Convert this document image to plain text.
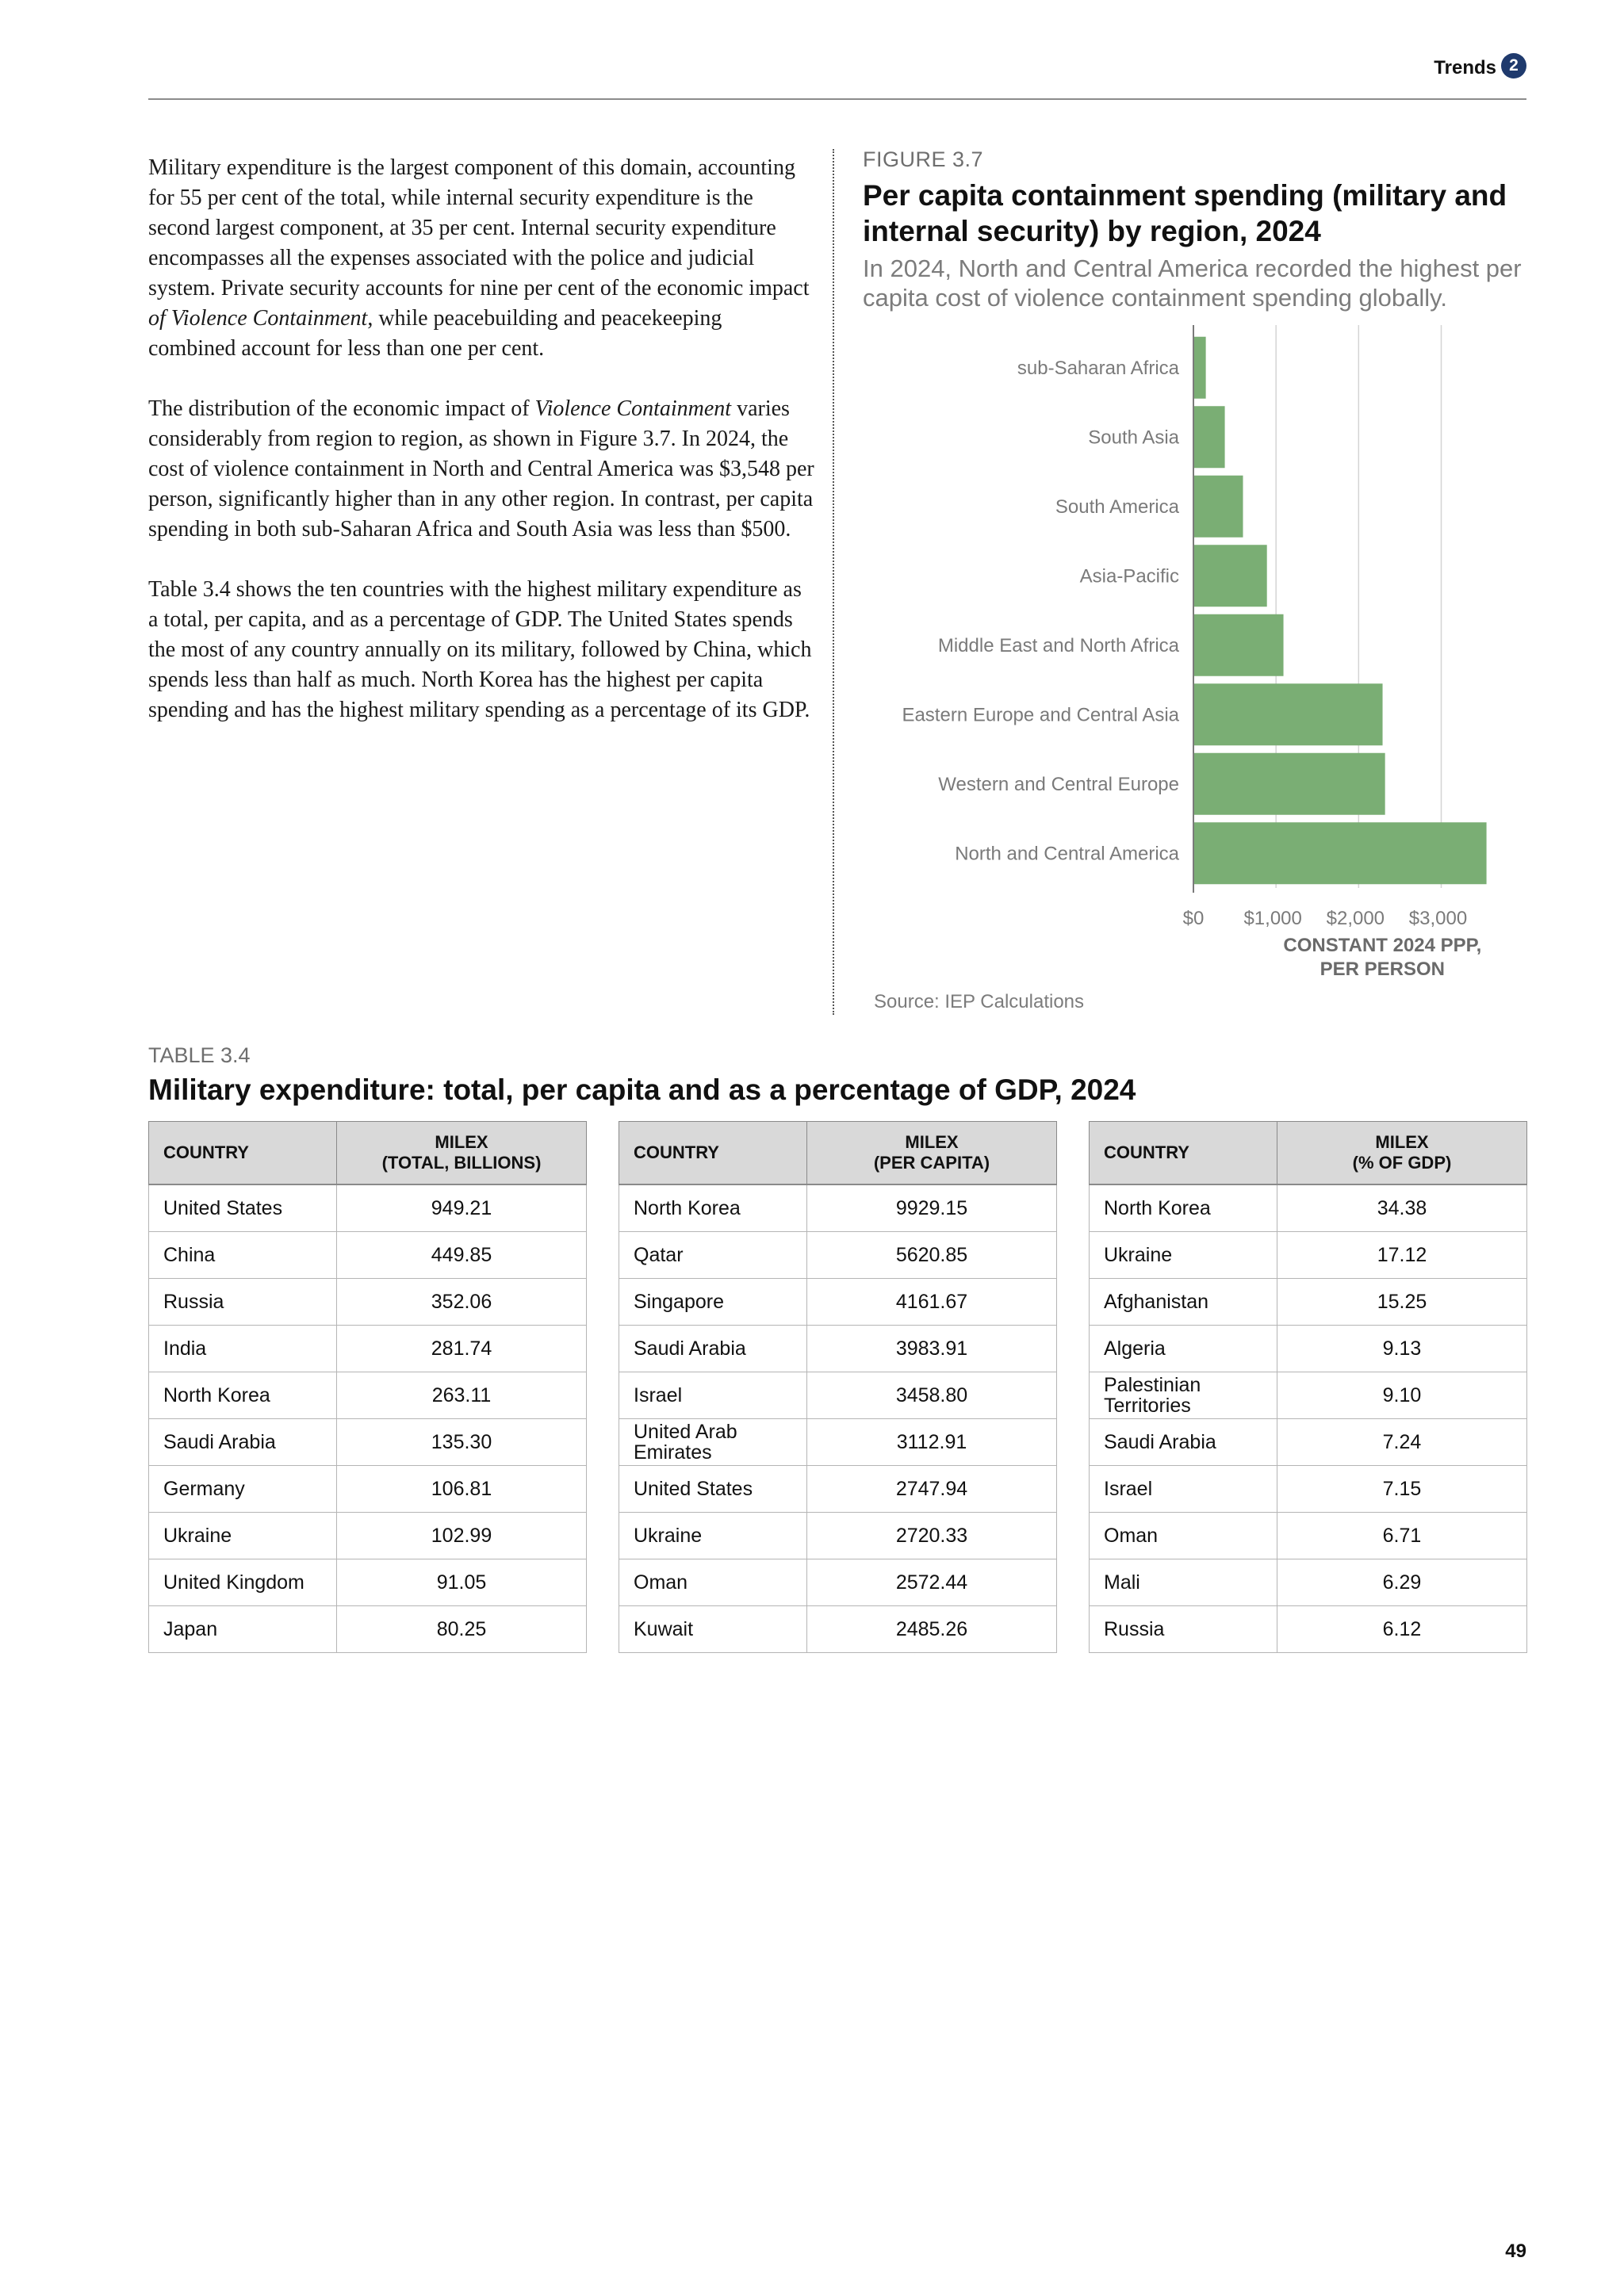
Trends 2

Military expenditure is the largest component of this domain, accounting for 55 per cent of the total, while internal security expenditure is the second largest component, at 35 per cent. Internal security expenditure encompasses all the expenses associated with the police and judicial system. Private security accounts for nine per cent of the economic impact of Violence Containment, while peacebuilding and peacekeeping combined account for less than one per cent.

The distribution of the economic impact of Violence Containment varies considerably from region to region, as shown in Figure 3.7. In 2024, the cost of violence containment in North and Central America was $3,548 per person, significantly higher than in any other region. In contrast, per capita spending in both sub-Saharan Africa and South Asia was less than $500.

Table 3.4 shows the ten countries with the highest military expenditure as a total, per capita, and as a percentage of GDP. The United States spends the most of any country annually on its military, followed by China, which spends less than half as much. North Korea has the highest per capita spending and has the highest military spending as a percentage of its GDP.

FIGURE 3.7
Per capita containment spending (military and internal security) by region, 2024

In 2024, North and Central America recorded the highest per capita cost of violence containment spending globally.

sub-Saharan Africa
South Asia
South America
Asia-Pacific
Middle East and North Africa
Eastern Europe and Central Asia
Western and Central Europe
North and Central America
$0 $1,000 $2,000 $3,000
CONSTANT 2024 PPP,
PER PERSON
Source: IEP Calculations
TABLE 3.4
Military expenditure: total, per capita and as a percentage of GDP, 2024
COUNTRY	MILEX
(TOTAL, BILLIONS)
United States	949.21
China	449.85
Russia	352.06
India	281.74
North Korea	263.11
Saudi Arabia	135.30
Germany	106.81
Ukraine	102.99
United Kingdom	91.05
Japan	80.25
COUNTRY	MILEX
(PER CAPITA)
North Korea	9929.15
Qatar	5620.85
Singapore	4161.67
Saudi Arabia	3983.91
Israel	3458.80
United Arab Emirates	3112.91
United States	2747.94
Ukraine	2720.33
Oman	2572.44
Kuwait	2485.26
COUNTRY	MILEX
(% OF GDP)
North Korea	34.38
Ukraine	17.12
Afghanistan	15.25
Algeria	9.13
Palestinian Territories	9.10
Saudi Arabia	7.24
Israel	7.15
Oman	6.71
Mali	6.29
Russia	6.12
49
